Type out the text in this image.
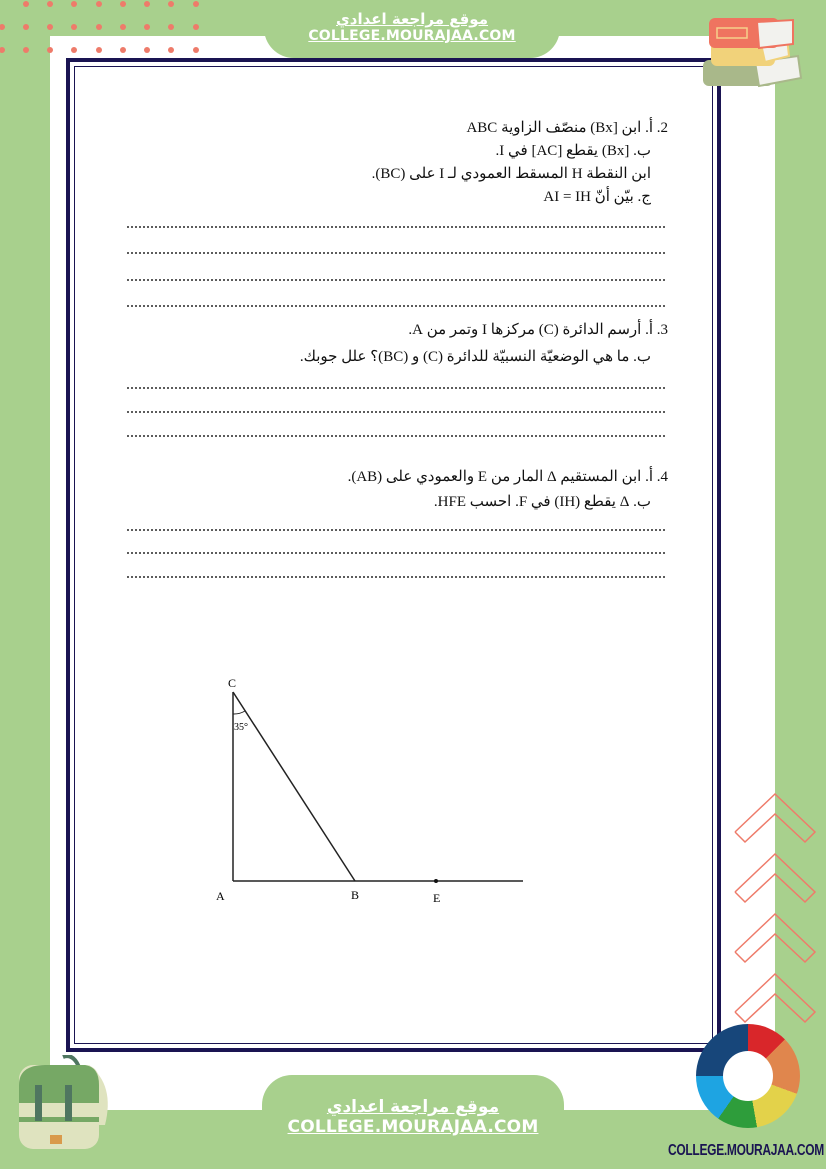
موقع مراجعة اعدادي
COLLEGE.MOURAJAA.COM
2. أ. ابن [Bx) منصّف الزاوية ABC
ب. [Bx) يقطع [AC] في I.
ابن النقطة H المسقط العمودي لـ I على (BC).
ج. بيّن أنّ AI = IH
3. أ. أرسم الدائرة (C) مركزها I وتمر من A.
ب. ما هي الوضعيّة النسبيّة للدائرة (C) و (BC)؟ علل جوبك.
4. أ. ابن المستقيم Δ المار من E والعمودي على (AB).
ب. Δ يقطع (IH) في F. احسب HFE.
C
35°
A	B	E
موقع مراجعة اعدادي
COLLEGE.MOURAJAA.COM
COLLEGE.MOURAJAA.COM
